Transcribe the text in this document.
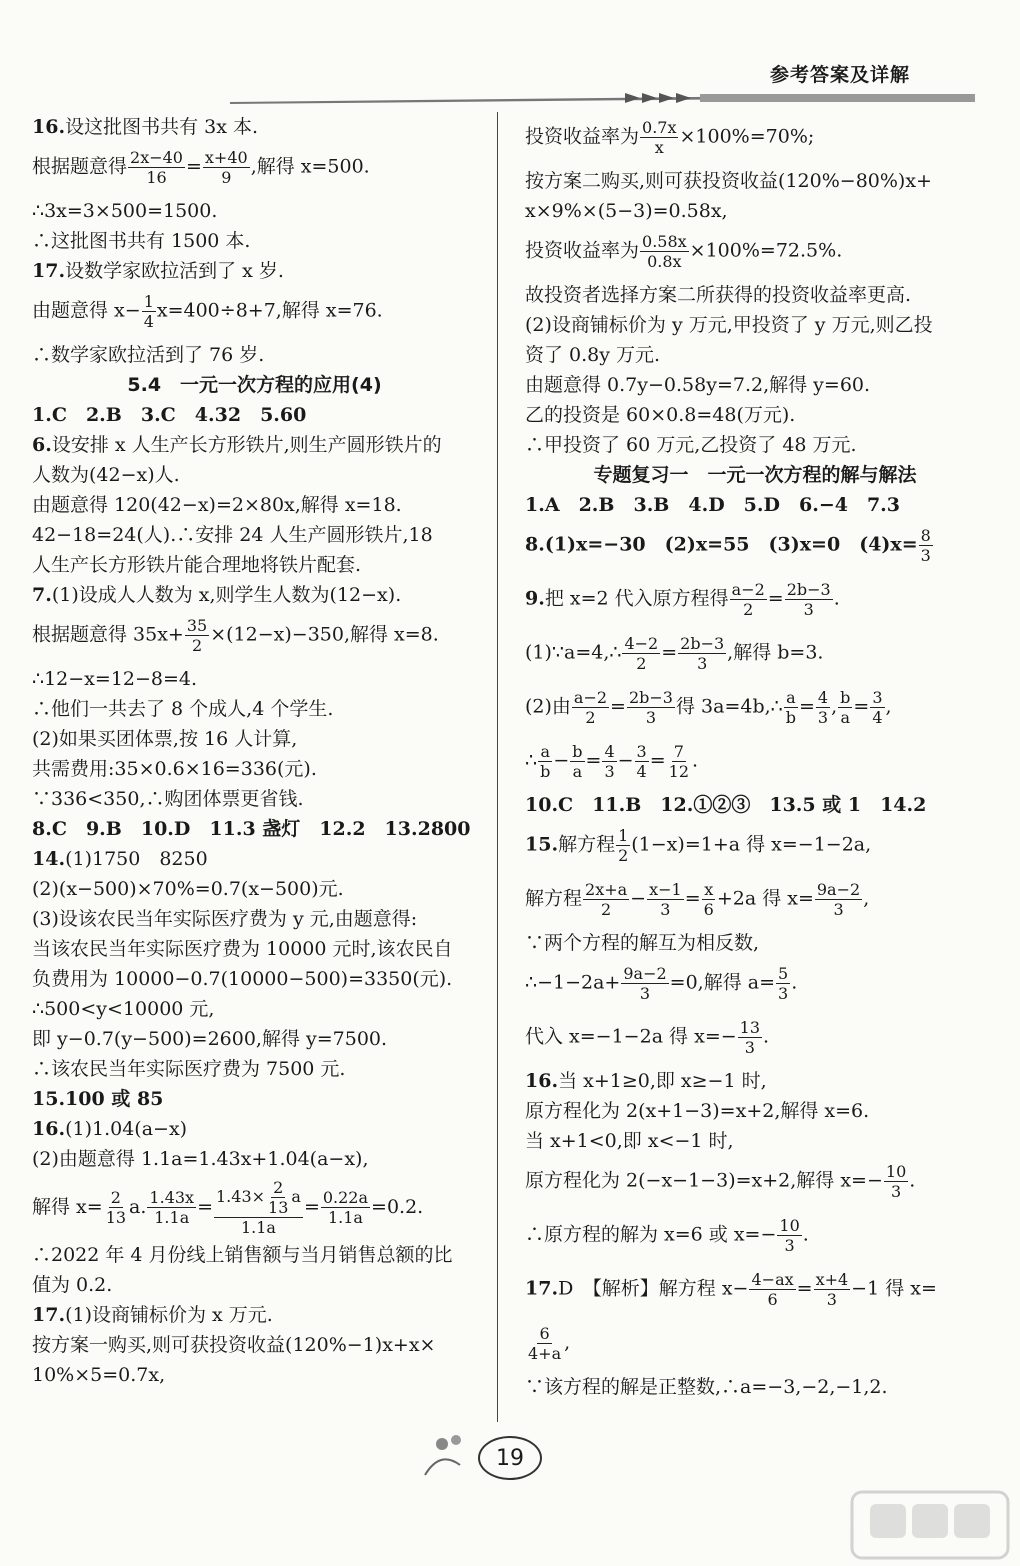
参考答案及详解
16.设这批图书共有 3x 本.
根据题意得 $\frac{2x-40}{16} = \frac{x+40}{9}$ ,解得 x=500.
∴3x=3×500=1500.
∴这批图书共有 1500 本.
17.设数学家欧拉活到了 x 岁.
由题意得 $x- \frac{1}{4} x=400\div 8+7$,解得 x=76.
∴数学家欧拉活到了 76 岁.
5.4　一元一次方程的应用(4)
1.C　2.B　3.C　4.32　5.60
6.设安排 x 人生产长方形铁片,则生产圆形铁片的
人数为(42−x)人.
由题意得 120(42−x)=2×80x,解得 x=18.
42−18=24(人).∴安排 24 人生产圆形铁片,18
人生产长方形铁片能合理地将铁片配套.
7.(1)设成人人数为 x,则学生人数为(12−x).
根据题意得 $35x+ \frac{35}{2} \times(12-x)-350$,解得 x=8.
∴12−x=12−8=4.
∴他们一共去了 8 个成人,4 个学生.
(2)如果买团体票,按 16 人计算,
共需费用:35×0.6×16=336(元).
∵336<350,∴购团体票更省钱.
8.C　9.B　10.D　11.3 盏灯　12.2　13.2800
14.(1)1750　8250
(2)(x−500)×70%=0.7(x−500)元.
(3)设该农民当年实际医疗费为 y 元,由题意得:
当该农民当年实际医疗费为 10000 元时,该农民自
负费用为 10000−0.7(10000−500)=3350(元).
∴500<y<10000 元,
即 y−0.7(y−500)=2600,解得 y=7500.
∴该农民当年实际医疗费为 7500 元.
15.100 或 85
16.(1)1.04(a−x)
(2)由题意得 1.1a=1.43x+1.04(a−x),
解得 $x= \frac{2}{13} a$. $\frac{1.43x}{1.1a} = \frac{1.43\times \frac{2}{13} a}{1.1a} = \frac{0.22a}{1.1a} =0.2$.
∴2022 年 4 月份线上销售额与当月销售总额的比
值为 0.2.
17.(1)设商铺标价为 x 万元.
按方案一购买,则可获投资收益(120%−1)x+x×
10%×5=0.7x,
投资收益率为 $\frac{0.7x}{x} \times 100\%=70\%$;
按方案二购买,则可获投资收益(120%−80%)x+
x×9%×(5−3)=0.58x,
投资收益率为 $\frac{0.58x}{0.8x} \times 100\%=72.5\%$.
故投资者选择方案二所获得的投资收益率更高.
(2)设商铺标价为 y 万元,甲投资了 y 万元,则乙投
资了 0.8y 万元.
由题意得 0.7y−0.58y=7.2,解得 y=60.
乙的投资是 60×0.8=48(万元).
∴甲投资了 60 万元,乙投资了 48 万元.
专题复习一　一元一次方程的解与解法
1.A　2.B　3.B　4.D　5.D　6.−4　7.3
8.(1)x=−30　(2)x=55　(3)x=0　$(4)x= \frac{8}{3}$
9.把 x=2 代入原方程得 $\frac{a-2}{2} = \frac{2b-3}{3}$ .
(1)∵a=4,∴ $\frac{4-2}{2} = \frac{2b-3}{3}$ ,解得 b=3.
(2)由 $\frac{a-2}{2} = \frac{2b-3}{3}$ 得 3a=4b,∴ $\frac{a}{b} = \frac{4}{3}$ , $\frac{b}{a} = \frac{3}{4}$ ,
∴ $\frac{a}{b} - \frac{b}{a} = \frac{4}{3} - \frac{3}{4} = \frac{7}{12}$ .
10.C　11.B　12.①②③　13.5 或 1　14.2
15.解方程 $\frac{1}{2} (1-x)=1+a$ 得 x=−1−2a,
解方程 $\frac{2x+a}{2} - \frac{x-1}{3} = \frac{x}{6} +2a$ 得 $x= \frac{9a-2}{3}$ ,
∵两个方程的解互为相反数,
∴−1−2a+ $\frac{9a-2}{3} =0$,解得 $a= \frac{5}{3}$ .
代入 x=−1−2a 得 $x=- \frac{13}{3}$ .
16.当 x+1≥0,即 x≥−1 时,
原方程化为 2(x+1−3)=x+2,解得 x=6.
当 x+1<0,即 x<−1 时,
原方程化为 2(−x−1−3)=x+2,解得 $x=- \frac{10}{3}$ .
∴原方程的解为 x=6 或 $x=- \frac{10}{3}$ .
17.D　【解析】解方程 $x- \frac{4-ax}{6} = \frac{x+4}{3} -1$ 得 x=
$\frac{6}{4+a}$ ,
∵该方程的解是正整数,∴a=−3,−2,−1,2.
19
